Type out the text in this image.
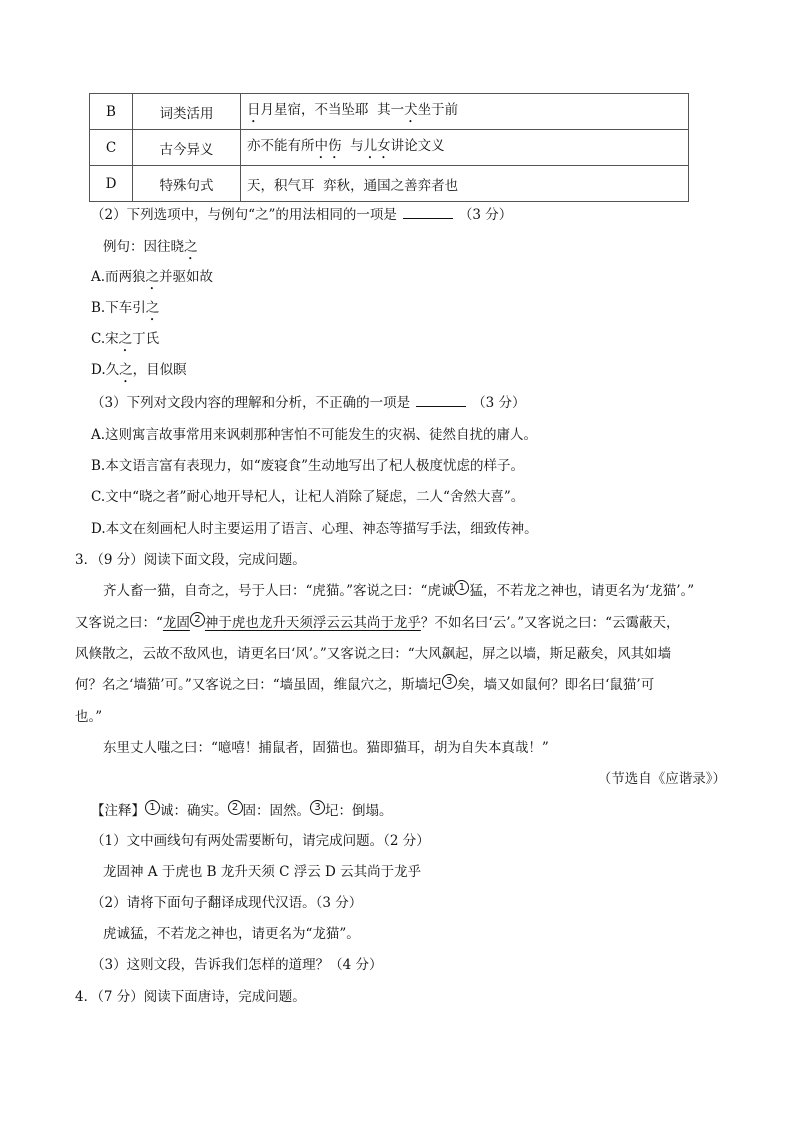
B	词类活用	日月星宿，不当坠耶 其一犬坐于前
C	古今异义	亦不能有所中伤 与儿女讲论文义
D	特殊句式	天，积气耳 弈秋，通国之善弈者也
（2）下列选项中，与例句“之”的用法相同的一项是	（3 分）
例句：因往晓之
A.而两狼之并驱如故
B.下车引之
C.宋之丁氏
D.久之，目似瞑
（3）下列对文段内容的理解和分析，不正确的一项是	（3 分）
A.这则寓言故事常用来讽刺那种害怕不可能发生的灾祸、徒然自扰的庸人。
B.本文语言富有表现力，如“废寝食”生动地写出了杞人极度忧虑的样子。
C.文中“晓之者”耐心地开导杞人，让杞人消除了疑虑，二人“舍然大喜”。
D.本文在刻画杞人时主要运用了语言、心理、神态等描写手法，细致传神。
3．（9 分）阅读下面文段，完成问题。
齐人畜一猫，自奇之，号于人曰：“虎猫。”客说之曰：“虎诚 1 猛，不若龙之神也，请更名为‘龙猫’。”
又客说之曰：“龙固 2 神于虎也龙升天须浮云云其尚于龙乎？不如名曰‘云’。”又客说之曰：“云霭蔽天，
风倏散之，云故不敌风也，请更名曰‘风’。”又客说之曰：“大风飙起，屏之以墙，斯足蔽矣，风其如墙
何？名之‘墙猫’可。”又客说之曰：“墙虽固，维鼠穴之，斯墙圮 3 矣，墙又如鼠何？即名曰‘鼠猫’可
也。”
东里丈人嗤之曰：“噫嘻！捕鼠者，固猫也。猫即猫耳，胡为自失本真哉！”
（节选自《应谐录》）
【注释】 1 诚：确实。 2 固：固然。 3 圮：倒塌。
（1）文中画线句有两处需要断句，请完成问题。（2 分）
龙固神 A 于虎也 B 龙升天须 C 浮云 D 云其尚于龙乎
（2）请将下面句子翻译成现代汉语。（3 分）
虎诚猛，不若龙之神也，请更名为“龙猫”。
（3）这则文段，告诉我们怎样的道理？（4 分）
4．（7 分）阅读下面唐诗，完成问题。
